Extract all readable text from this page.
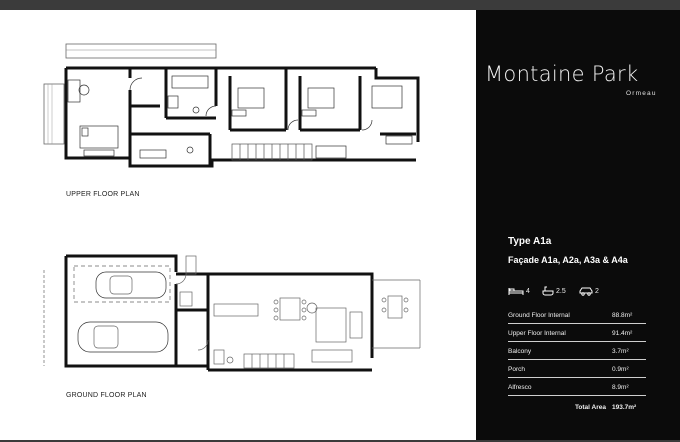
UPPER FLOOR PLAN
GROUND FLOOR PLAN
Montaine Park
Ormeau
Type A1a
Façade A1a, A2a, A3a & A4a
4	2.5	2
Ground Floor Internal	88.8m²
Upper Floor Internal	91.4m²
Balcony	3.7m²
Porch	0.9m²
Alfresco	8.9m²
Total Area	193.7m²
